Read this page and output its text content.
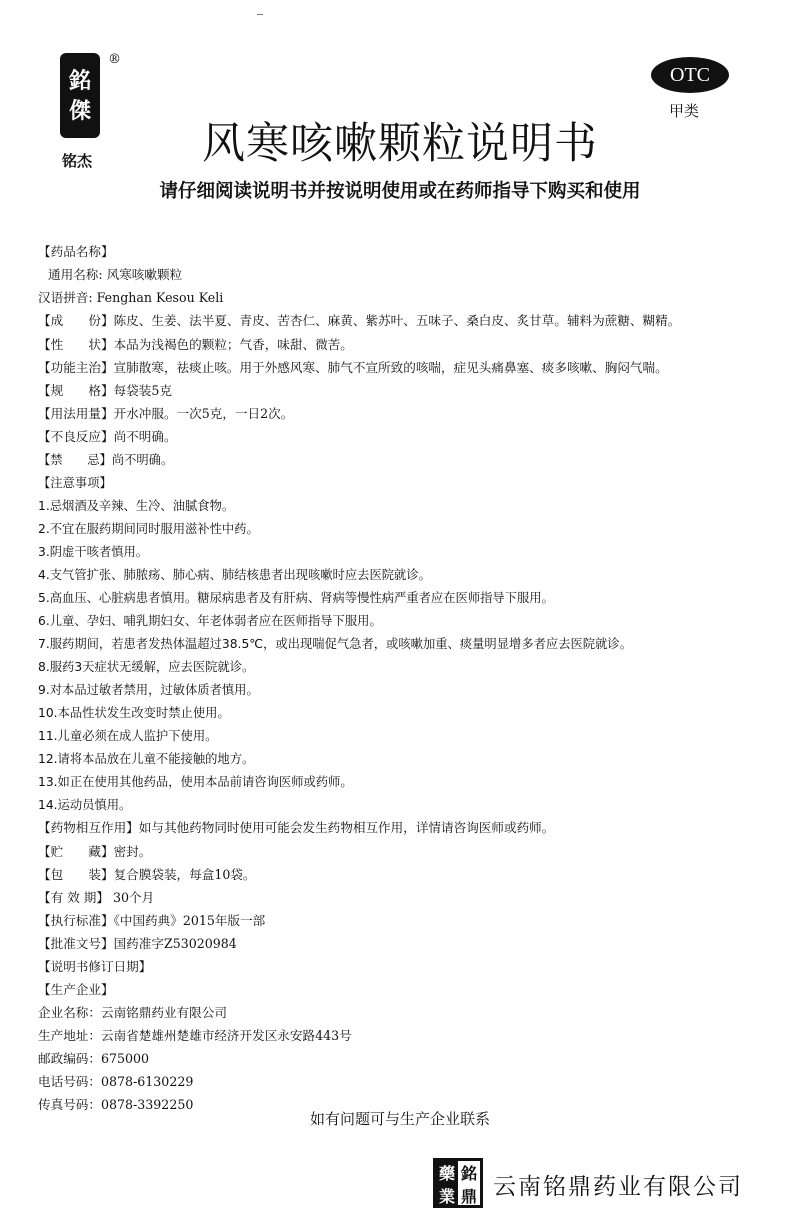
銘
傑
®
铭杰
OTC
甲类
风寒咳嗽颗粒说明书
请仔细阅读说明书并按说明使用或在药师指导下购买和使用
【药品名称】
通用名称: 风寒咳嗽颗粒
汉语拼音: Fenghan Kesou Keli
【成　　份】陈皮、生姜、法半夏、青皮、苦杏仁、麻黄、紫苏叶、五味子、桑白皮、炙甘草。辅料为蔗糖、糊精。
【性　　状】本品为浅褐色的颗粒；气香，味甜、微苦。
【功能主治】宣肺散寒，祛痰止咳。用于外感风寒、肺气不宣所致的咳喘，症见头痛鼻塞、痰多咳嗽、胸闷气喘。
【规　　格】每袋装5克
【用法用量】开水冲服。一次5克，一日2次。
【不良反应】尚不明确。
【禁　　忌】尚不明确。
【注意事项】
1.忌烟酒及辛辣、生冷、油腻食物。
2.不宜在服药期间同时服用滋补性中药。
3.阴虚干咳者慎用。
4.支气管扩张、肺脓疡、肺心病、肺结核患者出现咳嗽时应去医院就诊。
5.高血压、心脏病患者慎用。糖尿病患者及有肝病、肾病等慢性病严重者应在医师指导下服用。
6.儿童、孕妇、哺乳期妇女、年老体弱者应在医师指导下服用。
7.服药期间，若患者发热体温超过38.5℃，或出现喘促气急者，或咳嗽加重、痰量明显增多者应去医院就诊。
8.服药3天症状无缓解，应去医院就诊。
9.对本品过敏者禁用，过敏体质者慎用。
10.本品性状发生改变时禁止使用。
11.儿童必须在成人监护下使用。
12.请将本品放在儿童不能接触的地方。
13.如正在使用其他药品，使用本品前请咨询医师或药师。
14.运动员慎用。
【药物相互作用】如与其他药物同时使用可能会发生药物相互作用，详情请咨询医师或药师。
【贮　　藏】密封。
【包　　装】复合膜袋装，每盒10袋。
【有 效 期】 30个月
【执行标准】《中国药典》2015年版一部
【批准文号】国药准字Z53020984
【说明书修订日期】
【生产企业】
企业名称：云南铭鼎药业有限公司
生产地址：云南省楚雄州楚雄市经济开发区永安路443号
邮政编码：675000
电话号码：0878-6130229
传真号码：0878-3392250
如有问题可与生产企业联系
藥 銘
業 鼎 云南铭鼎药业有限公司
